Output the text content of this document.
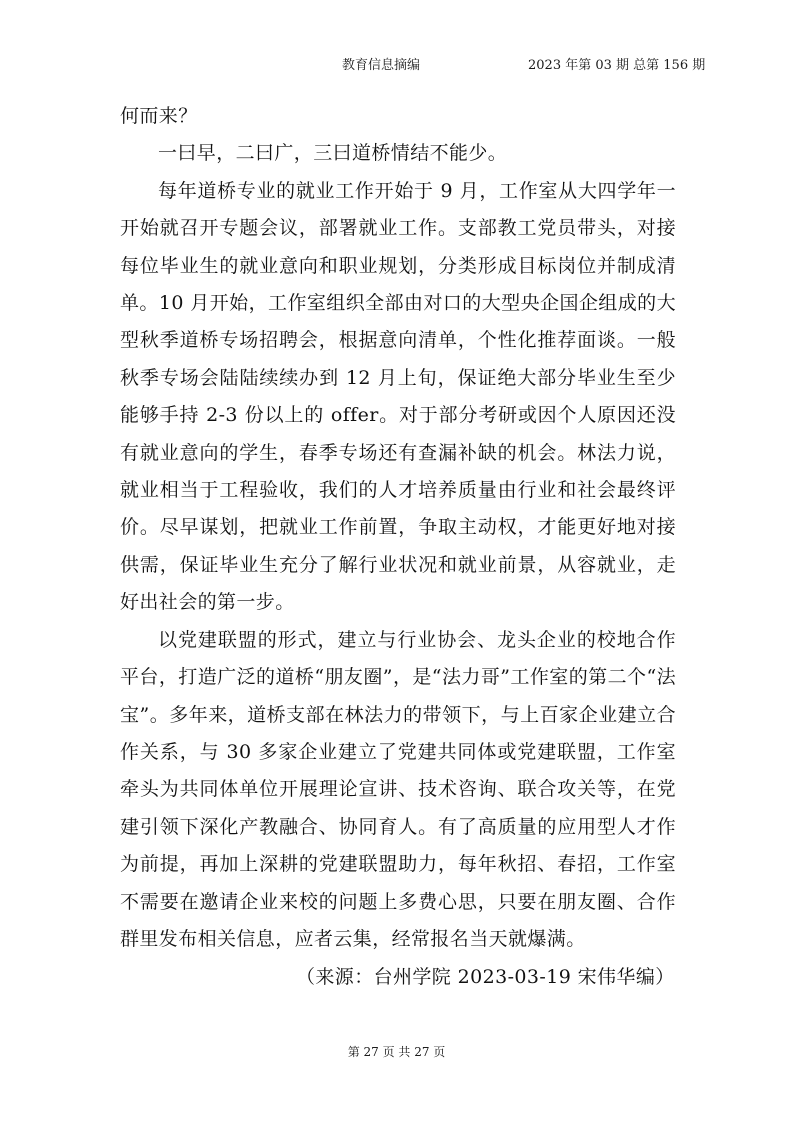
教育信息摘编	2023 年第 03 期 总第 156 期

何而来？

一曰早，二曰广，三曰道桥情结不能少。

每年道桥专业的就业工作开始于 9 月，工作室从大四学年一开始就召开专题会议，部署就业工作。支部教工党员带头，对接每位毕业生的就业意向和职业规划，分类形成目标岗位并制成清单。10 月开始，工作室组织全部由对口的大型央企国企组成的大型秋季道桥专场招聘会，根据意向清单，个性化推荐面谈。一般秋季专场会陆陆续续办到 12 月上旬，保证绝大部分毕业生至少能够手持 2-3 份以上的 offer。对于部分考研或因个人原因还没有就业意向的学生，春季专场还有查漏补缺的机会。林法力说，就业相当于工程验收，我们的人才培养质量由行业和社会最终评价。尽早谋划，把就业工作前置，争取主动权，才能更好地对接供需，保证毕业生充分了解行业状况和就业前景，从容就业，走好出社会的第一步。

以党建联盟的形式，建立与行业协会、龙头企业的校地合作平台，打造广泛的道桥“朋友圈”，是“法力哥”工作室的第二个“法宝”。多年来，道桥支部在林法力的带领下，与上百家企业建立合作关系，与 30 多家企业建立了党建共同体或党建联盟，工作室牵头为共同体单位开展理论宣讲、技术咨询、联合攻关等，在党建引领下深化产教融合、协同育人。有了高质量的应用型人才作为前提，再加上深耕的党建联盟助力，每年秋招、春招，工作室不需要在邀请企业来校的问题上多费心思，只要在朋友圈、合作群里发布相关信息，应者云集，经常报名当天就爆满。

（来源：台州学院 2023-03-19 宋伟华编）
第 27 页 共 27 页
